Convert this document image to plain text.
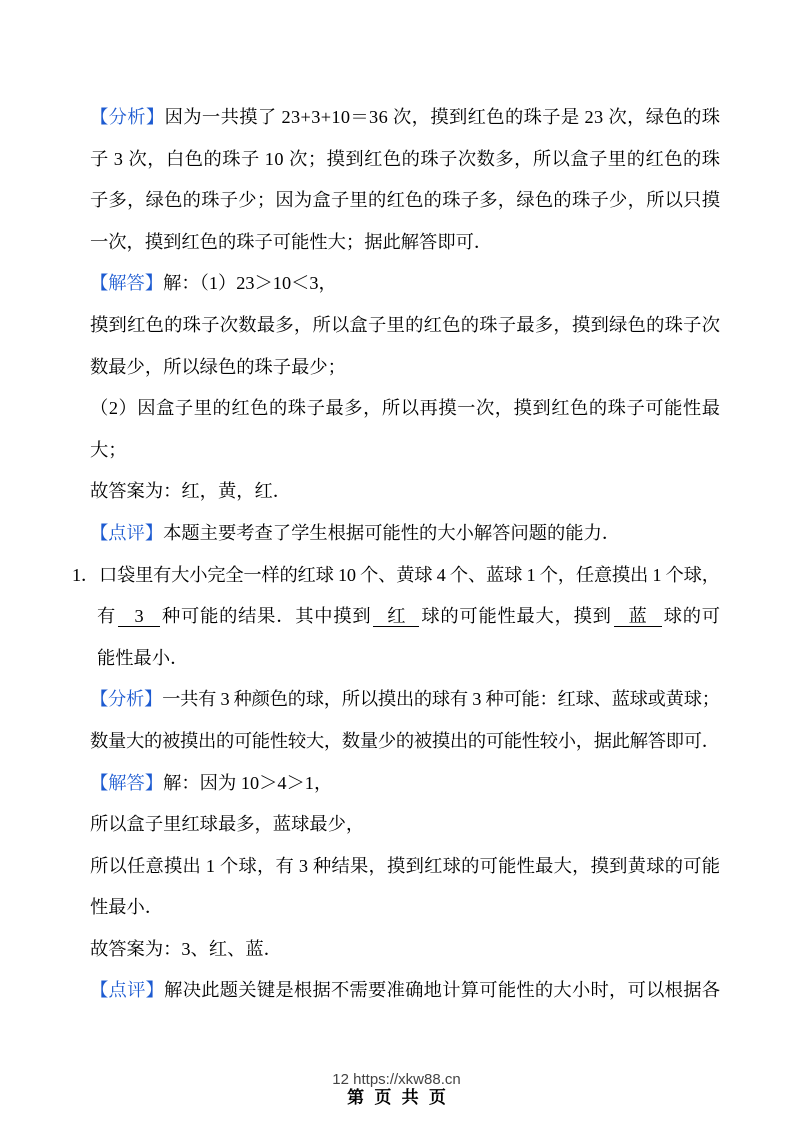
【分析】因为一共摸了 23+3+10＝36 次，摸到红色的珠子是 23 次，绿色的珠
子 3 次，白色的珠子 10 次；摸到红色的珠子次数多，所以盒子里的红色的珠
子多，绿色的珠子少；因为盒子里的红色的珠子多，绿色的珠子少，所以只摸
一次，摸到红色的珠子可能性大；据此解答即可．
【解答】解：（1）23＞10＜3，
摸到红色的珠子次数最多，所以盒子里的红色的珠子最多，摸到绿色的珠子次
数最少，所以绿色的珠子最少；
（2）因盒子里的红色的珠子最多，所以再摸一次，摸到红色的珠子可能性最
大；
故答案为：红，黄，红．
【点评】本题主要考查了学生根据可能性的大小解答问题的能力．
1．口袋里有大小完全一样的红球 10 个、黄球 4 个、蓝球 1 个，任意摸出 1 个球，
有 3 种可能的结果．其中摸到 红 球的可能性最大，摸到 蓝 球的可
能性最小．
【分析】一共有 3 种颜色的球，所以摸出的球有 3 种可能：红球、蓝球或黄球；
数量大的被摸出的可能性较大，数量少的被摸出的可能性较小，据此解答即可．
【解答】解：因为 10＞4＞1，
所以盒子里红球最多，蓝球最少，
所以任意摸出 1 个球，有 3 种结果，摸到红球的可能性最大，摸到黄球的可能
性最小．
故答案为：3、红、蓝．
【点评】解决此题关键是根据不需要准确地计算可能性的大小时，可以根据各
12 https://xkw88.cn
第 页 共 页
